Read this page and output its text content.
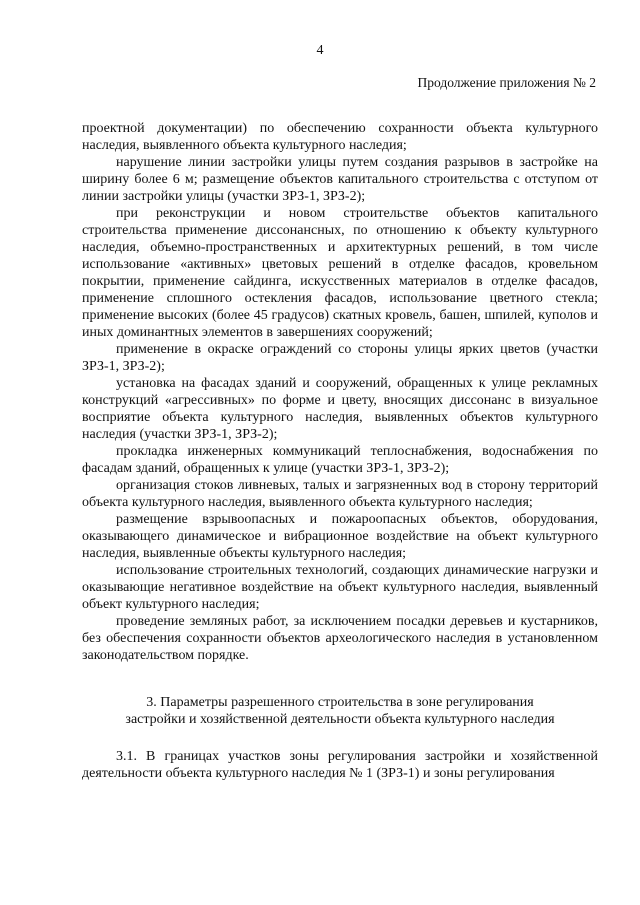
4
Продолжение приложения № 2

проектной документации) по обеспечению сохранности объекта культурного наследия, выявленного объекта культурного наследия;

нарушение линии застройки улицы путем создания разрывов в застройке на ширину более 6 м; размещение объектов капитального строительства с отступом от линии застройки улицы (участки ЗРЗ-1, ЗРЗ-2);

при реконструкции и новом строительстве объектов капитального строительства применение диссонансных, по отношению к объекту культурного наследия, объемно-пространственных и архитектурных решений, в том числе использование «активных» цветовых решений в отделке фасадов, кровельном покрытии, применение сайдинга, искусственных материалов в отделке фасадов, применение сплошного остекления фасадов, использование цветного стекла; применение высоких (более 45 градусов) скатных кровель, башен, шпилей, куполов и иных доминантных элементов в завершениях сооружений;

применение в окраске ограждений со стороны улицы ярких цветов (участки ЗРЗ-1, ЗРЗ-2);

установка на фасадах зданий и сооружений, обращенных к улице рекламных конструкций «агрессивных» по форме и цвету, вносящих диссонанс в визуальное восприятие объекта культурного наследия, выявленных объектов культурного наследия (участки ЗРЗ-1, ЗРЗ-2);

прокладка инженерных коммуникаций теплоснабжения, водоснабжения по фасадам зданий, обращенных к улице (участки ЗРЗ-1, ЗРЗ-2);

организация стоков ливневых, талых и загрязненных вод в сторону территорий объекта культурного наследия, выявленного объекта культурного наследия;

размещение взрывоопасных и пожароопасных объектов, оборудования, оказывающего динамическое и вибрационное воздействие на объект культурного наследия, выявленные объекты культурного наследия;

использование строительных технологий, создающих динамические нагрузки и оказывающие негативное воздействие на объект культурного наследия, выявленный объект культурного наследия;

проведение земляных работ, за исключением посадки деревьев и кустарников, без обеспечения сохранности объектов археологического наследия в установленном законодательством порядке.

3. Параметры разрешенного строительства в зоне регулирования
застройки и хозяйственной деятельности объекта культурного наследия

3.1. В границах участков зоны регулирования застройки и хозяйственной деятельности объекта культурного наследия № 1 (ЗРЗ-1) и зоны регулирования
